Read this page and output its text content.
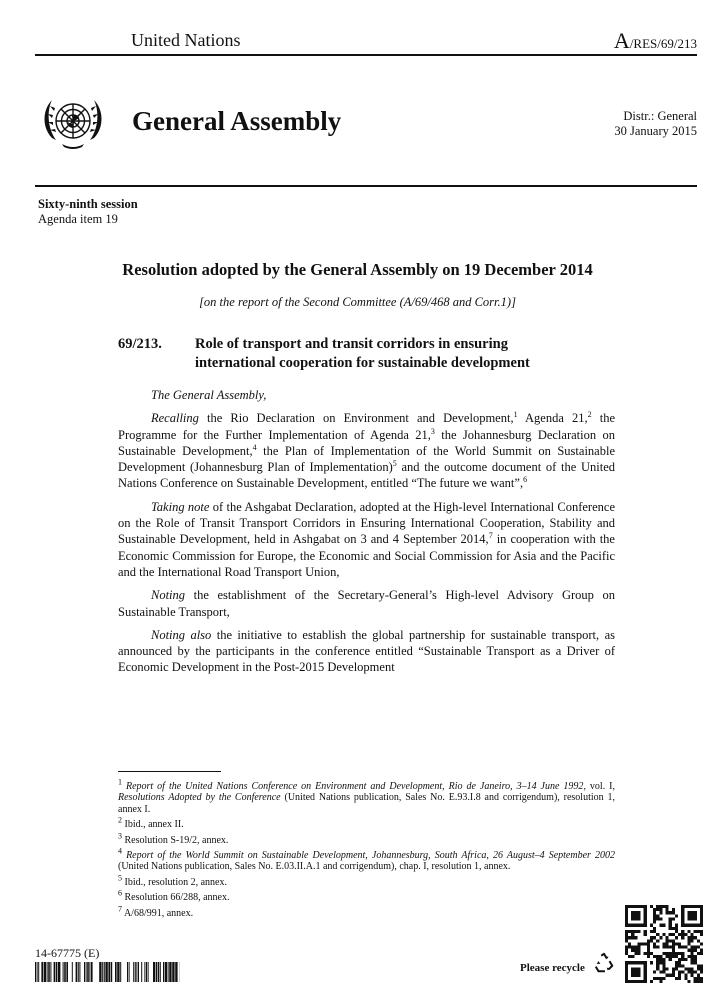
United Nations	A/RES/69/213
General Assembly	Distr.: General
30 January 2015
Sixty-ninth session
Agenda item 19
Resolution adopted by the General Assembly on 19 December 2014
[on the report of the Second Committee (A/69/468 and Corr.1)]
69/213. Role of transport and transit corridors in ensuring
international cooperation for sustainable development

The General Assembly,

Recalling the Rio Declaration on Environment and Development,$^1$ Agenda 21,$^2$ the Programme for the Further Implementation of Agenda 21,$^3$ the Johannesburg Declaration on Sustainable Development,$^4$ the Plan of Implementation of the World Summit on Sustainable Development (Johannesburg Plan of Implementation)$^5$ and the outcome document of the United Nations Conference on Sustainable Development, entitled “The future we want”,$^6$

Taking note of the Ashgabat Declaration, adopted at the High-level International Conference on the Role of Transit Transport Corridors in Ensuring International Cooperation, Stability and Sustainable Development, held in Ashgabat on 3 and 4 September 2014,$^7$ in cooperation with the Economic Commission for Europe, the Economic and Social Commission for Asia and the Pacific and the International Road Transport Union,

Noting the establishment of the Secretary-General’s High-level Advisory Group on Sustainable Transport,

Noting also the initiative to establish the global partnership for sustainable transport, as announced by the participants in the conference entitled “Sustainable Transport as a Driver of Economic Development in the Post-2015 Development

$^1$ Report of the United Nations Conference on Environment and Development, Rio de Janeiro, 3–14 June 1992, vol. I, Resolutions Adopted by the Conference (United Nations publication, Sales No. E.93.I.8 and corrigendum), resolution 1, annex I.
$^2$ Ibid., annex II.
$^3$ Resolution S-19/2, annex.
$^4$ Report of the World Summit on Sustainable Development, Johannesburg, South Africa, 26 August–4 September 2002 (United Nations publication, Sales No. E.03.II.A.1 and corrigendum), chap. I, resolution 1, annex.
$^5$ Ibid., resolution 2, annex.
$^6$ Resolution 66/288, annex.
$^7$ A/68/991, annex.
14-67775 (E)
Please recycle
